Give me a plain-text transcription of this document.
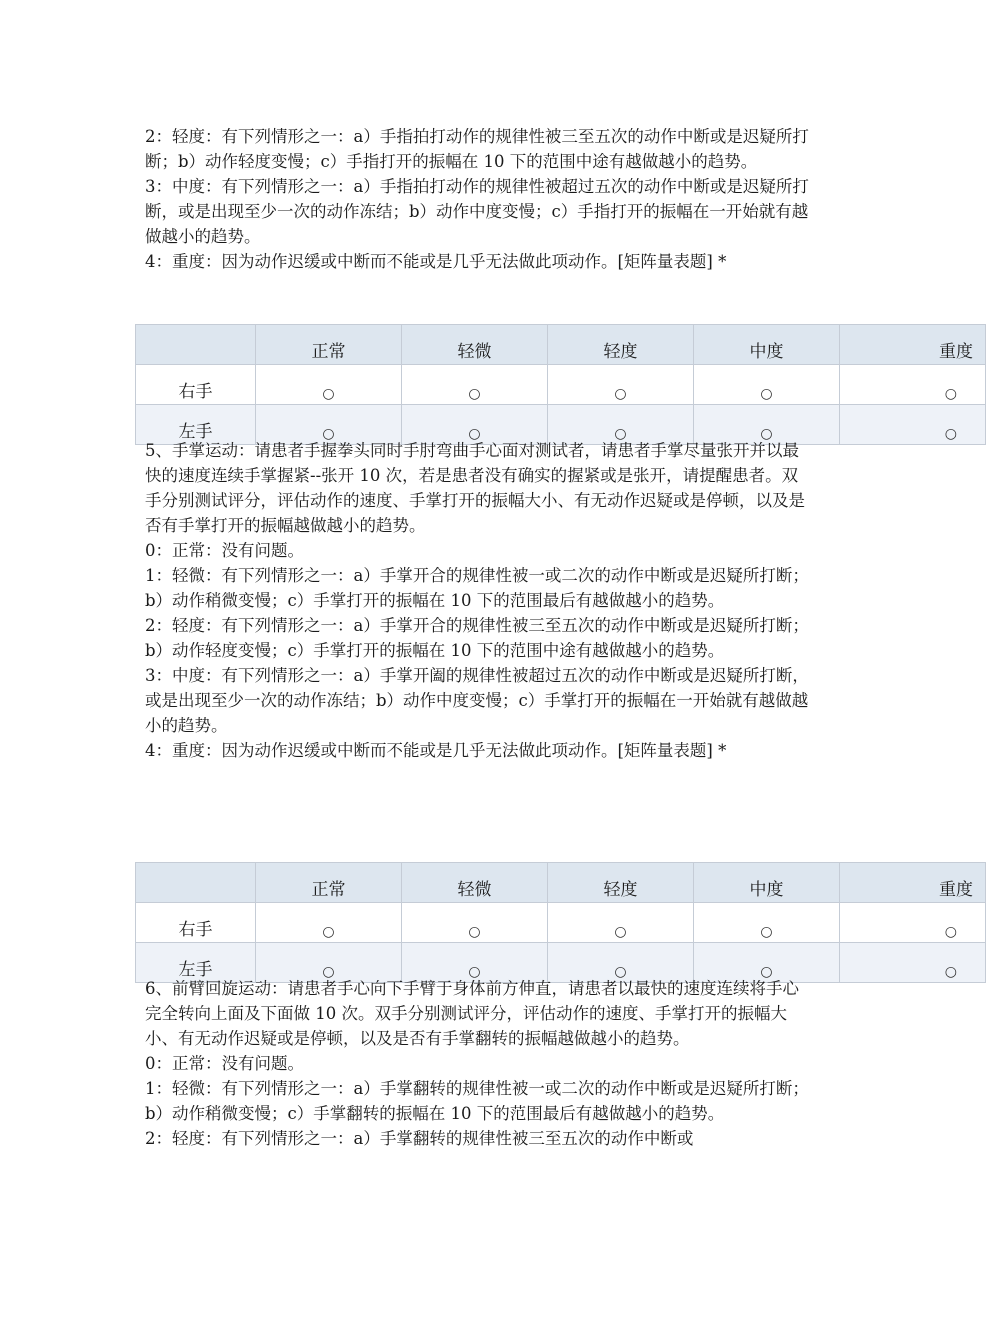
2：轻度：有下列情形之一：a）手指拍打动作的规律性被三至五次的动作中断或是迟疑所打断；b）动作轻度变慢；c）手指打开的振幅在 10 下的范围中途有越做越小的趋势。

3：中度：有下列情形之一：a）手指拍打动作的规律性被超过五次的动作中断或是迟疑所打断，或是出现至少一次的动作冻结；b）动作中度变慢；c）手指打开的振幅在一开始就有越做越小的趋势。

4：重度：因为动作迟缓或中断而不能或是几乎无法做此项动作。[矩阵量表题] *

	正常	轻微	轻度	中度	重度
右手	○	○	○	○	○
左手	○	○	○	○	○

5、手掌运动：请患者手握拳头同时手肘弯曲手心面对测试者，请患者手掌尽量张开并以最快的速度连续手掌握紧--张开 10 次，若是患者没有确实的握紧或是张开，请提醒患者。双手分别测试评分，评估动作的速度、手掌打开的振幅大小、有无动作迟疑或是停顿，以及是否有手掌打开的振幅越做越小的趋势。

0：正常：没有问题。

1：轻微：有下列情形之一：a）手掌开合的规律性被一或二次的动作中断或是迟疑所打断；b）动作稍微变慢；c）手掌打开的振幅在 10 下的范围最后有越做越小的趋势。

2：轻度：有下列情形之一：a）手掌开合的规律性被三至五次的动作中断或是迟疑所打断；b）动作轻度变慢；c）手掌打开的振幅在 10 下的范围中途有越做越小的趋势。

3：中度：有下列情形之一：a）手掌开阖的规律性被超过五次的动作中断或是迟疑所打断，或是出现至少一次的动作冻结；b）动作中度变慢；c）手掌打开的振幅在一开始就有越做越小的趋势。

4：重度：因为动作迟缓或中断而不能或是几乎无法做此项动作。[矩阵量表题] *

	正常	轻微	轻度	中度	重度
右手	○	○	○	○	○
左手	○	○	○	○	○

6、前臂回旋运动：请患者手心向下手臂于身体前方伸直，请患者以最快的速度连续将手心完全转向上面及下面做 10 次。双手分别测试评分，评估动作的速度、手掌打开的振幅大小、有无动作迟疑或是停顿，以及是否有手掌翻转的振幅越做越小的趋势。

0：正常：没有问题。

1：轻微：有下列情形之一：a）手掌翻转的规律性被一或二次的动作中断或是迟疑所打断；b）动作稍微变慢；c）手掌翻转的振幅在 10 下的范围最后有越做越小的趋势。

2：轻度：有下列情形之一：a）手掌翻转的规律性被三至五次的动作中断或
